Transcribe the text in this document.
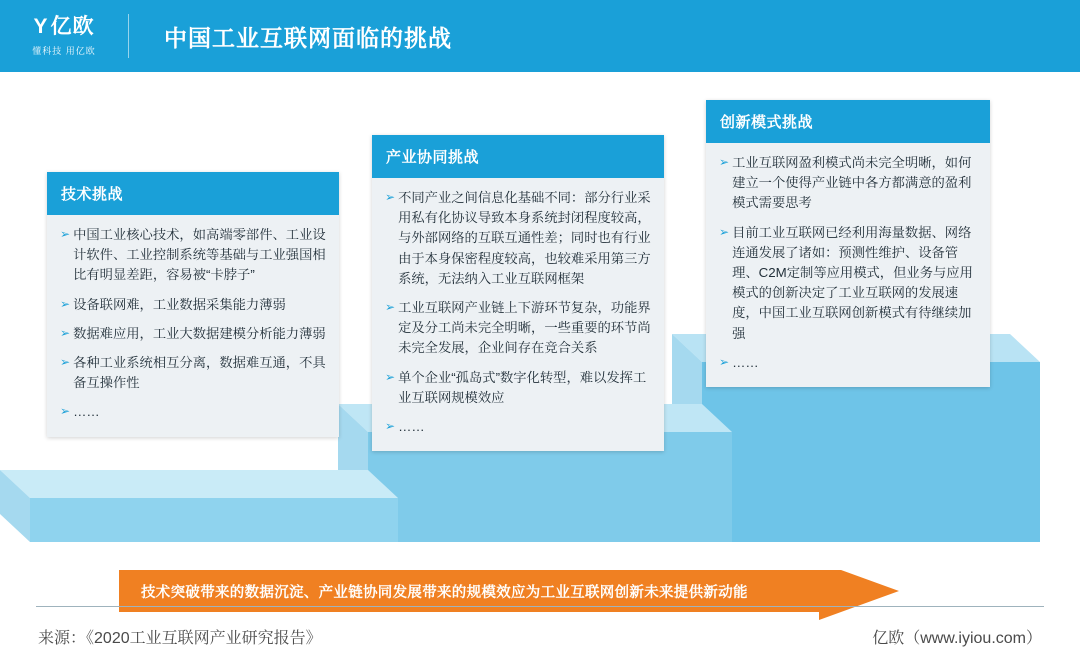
Y 亿欧
懂科技 用亿欧	中国工业互联网面临的挑战
技术挑战
➢ 中国工业核心技术，如高端零部件、工业设计软件、工业控制系统等基础与工业强国相比有明显差距，容易被“卡脖子”
➢ 设备联网难，工业数据采集能力薄弱
➢ 数据难应用，工业大数据建模分析能力薄弱
➢ 各种工业系统相互分离，数据难互通，不具备互操作性
➢ ……
产业协同挑战
➢ 不同产业之间信息化基础不同：部分行业采用私有化协议导致本身系统封闭程度较高，与外部网络的互联互通性差；同时也有行业由于本身保密程度较高，也较难采用第三方系统，无法纳入工业互联网框架
➢ 工业互联网产业链上下游环节复杂，功能界定及分工尚未完全明晰，一些重要的环节尚未完全发展，企业间存在竞合关系
➢ 单个企业“孤岛式”数字化转型，难以发挥工业互联网规模效应
➢ ……
创新模式挑战
➢ 工业互联网盈利模式尚未完全明晰，如何建立一个使得产业链中各方都满意的盈利模式需要思考
➢ 目前工业互联网已经利用海量数据、网络连通发展了诸如：预测性维护、设备管理、C2M定制等应用模式，但业务与应用模式的创新决定了工业互联网的发展速度，中国工业互联网创新模式有待继续加强
➢ ……
技术突破带来的数据沉淀、产业链协同发展带来的规模效应为工业互联网创新未来提供新动能
来源：《2020工业互联网产业研究报告》	亿欧（www.iyiou.com）
